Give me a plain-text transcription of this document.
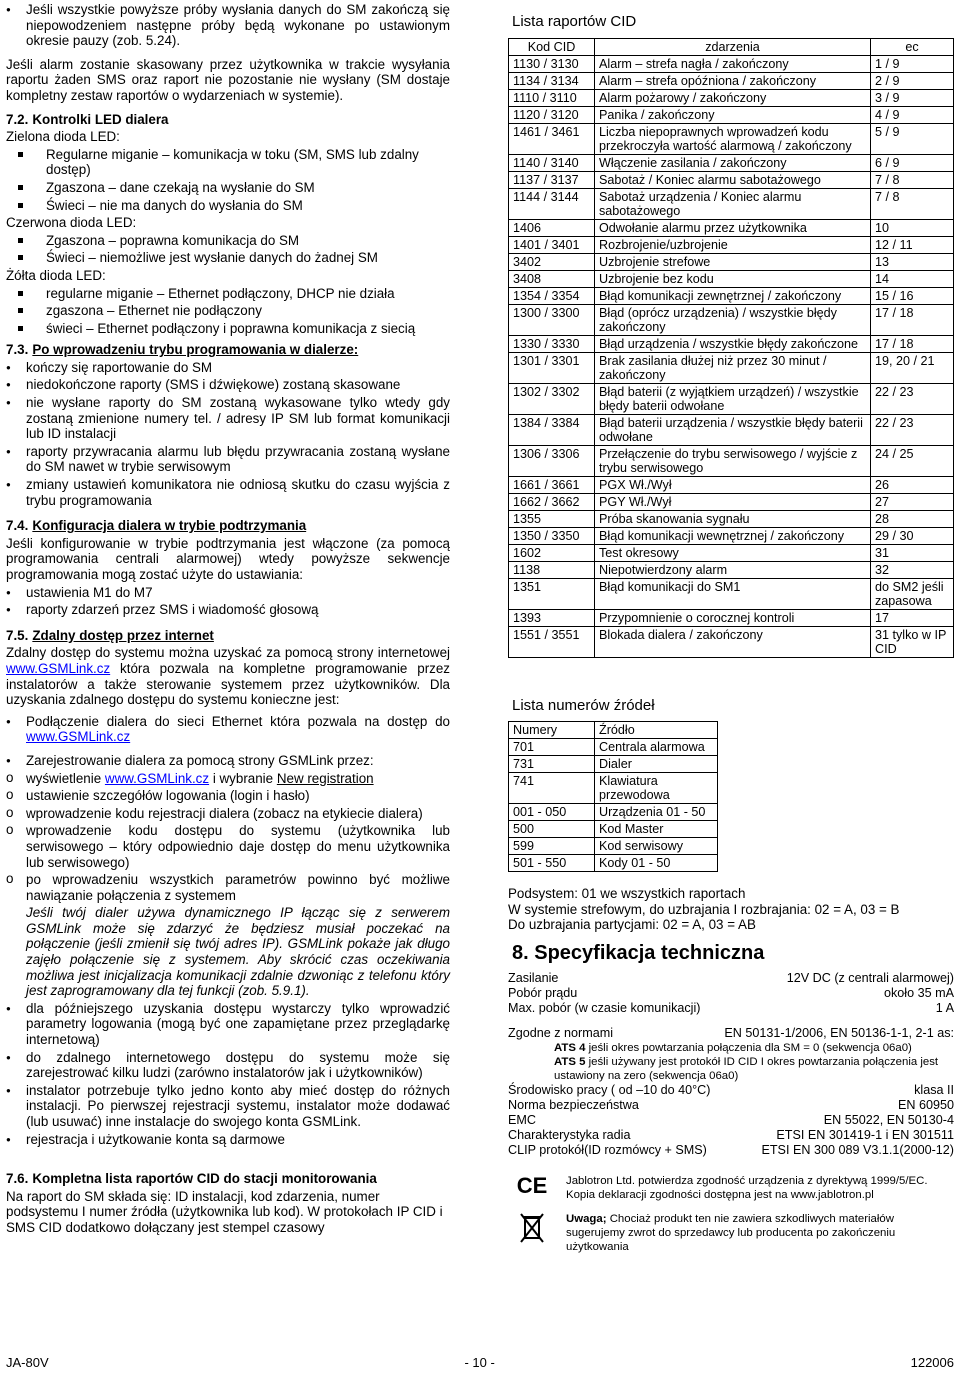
● Jeśli wszystkie powyższe próby wysłania danych do SM zakończą się niepowodzeniem następne próby będą wykonane po ustawionym okresie pauzy (zob. 5.24).

Jeśli alarm zostanie skasowany przez użytkownika w trakcie wysyłania raportu żaden SMS oraz raport nie pozostanie nie wysłany (SM dostaje kompletny zestaw raportów o wydarzeniach w systemie).

7.2. Kontrolki LED dialera

Zielona dioda LED:

Regularne miganie – komunikacja w toku (SM, SMS lub zdalny dostęp)
Zgaszona – dane czekają na wysłanie do SM
Świeci – nie ma danych do wysłania do SM

Czerwona dioda LED:

Zgaszona – poprawna komunikacja do SM
Świeci – niemożliwe jest wysłanie danych do żadnej SM

Żółta dioda LED:

regularne miganie – Ethernet podłączony, DHCP nie działa
zgaszona – Ethernet nie podłączony
świeci – Ethernet podłączony i poprawna komunikacja z siecią

7.3. Po wprowadzeniu trybu programowania w dialerze:

● kończy się raportowanie do SM
● niedokończone raporty (SMS i dźwiękowe) zostaną skasowane
● nie wysłane raporty do SM zostaną wykasowane tylko wtedy gdy zostaną zmienione numery tel. / adresy IP SM lub format komunikacji lub ID instalacji
● raporty przywracania alarmu lub błędu przywracania zostaną wysłane do SM nawet w trybie serwisowym
● zmiany ustawień komunikatora nie odniosą skutku do czasu wyjścia z trybu programowania

7.4. Konfiguracja dialera w trybie podtrzymania

Jeśli konfigurowanie w trybie podtrzymania jest włączone (za pomocą programowania centrali alarmowej) wtedy powyższe sekwencje programowania mogą zostać użyte do ustawiania:

● ustawienia M1 do M7
● raporty zdarzeń przez SMS i wiadomość głosową

7.5. Zdalny dostęp przez internet

Zdalny dostęp do systemu można uzyskać za pomocą strony internetowej www.GSMLink.cz która pozwala na kompletne programowanie przez instalatorów a także sterowanie systemem przez użytkowników. Dla uzyskania zdalnego dostępu do systemu konieczne jest:

● Podłączenie dialera do sieci Ethernet która pozwala na dostęp do www.GSMLink.cz
● Zarejestrowanie dialera za pomocą strony GSMLink przez:
o wyświetlenie www.GSMLink.cz i wybranie New registration
o ustawienie szczegółów logowania (login i hasło)
o wprowadzenie kodu rejestracji dialera (zobacz na etykiecie dialera)
o wprowadzenie kodu dostępu do systemu (użytkownika lub serwisowego – który odpowiednio daje dostęp do menu użytkownika lub serwisowego)
o po wprowadzeniu wszystkich parametrów powinno być możliwe nawiązanie połączenia z systemem

Jeśli twój dialer używa dynamicznego IP łącząc się z serwerem GSMLink może się zdarzyć że będziesz musiał poczekać na połączenie (jeśli zmienił się twój adres IP). GSMLink pokaże jak długo zajęło połączenie się z systemem. Aby skrócić czas oczekiwania możliwa jest inicjalizacja komunikacji zdalnie dzwoniąc z telefonu który jest zaprogramowany dla tej funkcji (zob. 5.9.1).

● dla późniejszego uzyskania dostępu wystarczy tylko wprowadzić parametry logowania (mogą być one zapamiętane przez przeglądarkę internetową)
● do zdalnego internetowego dostępu do systemu może się zarejestrować kilku ludzi (zarówno instalatorów jak i użytkowników)
● instalator potrzebuje tylko jedno konto aby mieć dostęp do różnych instalacji. Po pierwszej rejestracji systemu, instalator może dodawać (lub usuwać) inne instalacje do swojego konta GSMLink.
● rejestracja i użytkowanie konta są darmowe

7.6. Kompletna lista raportów CID do stacji monitorowania

Na raport do SM składa się: ID instalacji, kod zdarzenia, numer podsystemu I numer źródła (użytkownika lub kod). W protokołach IP CID i SMS CID dodatkowo dołączany jest stempel czasowy

Lista raportów CID

Kod CID	zdarzenia	ec
1130 / 3130	Alarm – strefa nagła / zakończony	1 / 9
1134 / 3134	Alarm – strefa opóźniona / zakończony	2 / 9
1110 / 3110	Alarm pożarowy / zakończony	3 / 9
1120 / 3120	Panika / zakończony	4 / 9
1461 / 3461	Liczba niepoprawnych wprowadzeń kodu przekroczyła wartość alarmową / zakończony	5 / 9
1140 / 3140	Włączenie zasilania / zakończony	6 / 9
1137 / 3137	Sabotaż / Koniec alarmu sabotażowego	7 / 8
1144 / 3144	Sabotaż urządzenia / Koniec alarmu sabotażowego	7 / 8
1406	Odwołanie alarmu przez użytkownika	10
1401 / 3401	Rozbrojenie/uzbrojenie	12 / 11
3402	Uzbrojenie strefowe	13
3408	Uzbrojenie bez kodu	14
1354 / 3354	Błąd komunikacji zewnętrznej / zakończony	15 / 16
1300 / 3300	Błąd (oprócz urządzenia) / wszystkie błędy zakończony	17 / 18
1330 / 3330	Błąd urządzenia / wszystkie błędy zakończone	17 / 18
1301 / 3301	Brak zasilania dłużej niż przez 30 minut / zakończony	19, 20 / 21
1302 / 3302	Błąd baterii (z wyjątkiem urządzeń) / wszystkie błędy baterii odwołane	22 / 23
1384 / 3384	Błąd baterii urządzenia / wszystkie błędy baterii odwołane	22 / 23
1306 / 3306	Przełączenie do trybu serwisowego / wyjście z trybu serwisowego	24 / 25
1661 / 3661	PGX Wł./Wył	26
1662 / 3662	PGY Wł./Wył	27
1355	Próba skanowania sygnału	28
1350 / 3350	Błąd komunikacji wewnętrznej / zakończony	29 / 30
1602	Test okresowy	31
1138	Niepotwierdzony alarm	32
1351	Błąd komunikacji do SM1	do SM2 jeśli zapasowa
1393	Przypomnienie o corocznej kontroli	17
1551 / 3551	Blokada dialera / zakończony	31 tylko w IP CID

Lista numerów źródeł

Numery	Źródło
701	Centrala alarmowa
731	Dialer
741	Klawiatura przewodowa
001 - 050	Urządzenia 01 - 50
500	Kod Master
599	Kod serwisowy
501 - 550	Kody 01 - 50

Podsystem: 01 we wszystkich raportach

W systemie strefowym, do uzbrajania I rozbrajania: 02 = A, 03 = B

Do uzbrajania partycjami: 02 = A, 03 = AB

8. Specyfikacja techniczna

Zasilanie	12V DC (z centrali alarmowej)
Pobór prądu	około 35 mA
Max. pobór (w czasie komunikacji)	1 A
Zgodne z normami	EN 50131-1/2006, EN 50136-1-1, 2-1 as:
ATS 4 jeśli okres powtarzania połączenia dla SM = 0 (sekwencja 06a0)
ATS 5 jeśli używany jest protokół ID CID I okres powtarzania połączenia jest ustawiony na zero (sekwencja 06a0)
Środowisko pracy ( od –10 do 40°C)	klasa II
Norma bezpieczeństwa	EN 60950
EMC	EN 55022, EN 50130-4
Charakterystyka radia	ETSI EN 301419-1 i EN 301511
CLIP protokół(ID rozmówcy + SMS)	ETSI EN 300 089 V3.1.1(2000-12)
CE	Jablotron Ltd. potwierdza zgodność urządzenia z dyrektywą 1999/5/EC. Kopia deklaracji zgodności dostępna jest na www.jablotron.pl
Uwaga; Chociaż produkt ten nie zawiera szkodliwych materiałów sugerujemy zwrot do sprzedawcy lub producenta po zakończeniu użytkowania
JA-80V	- 10 -	122006
